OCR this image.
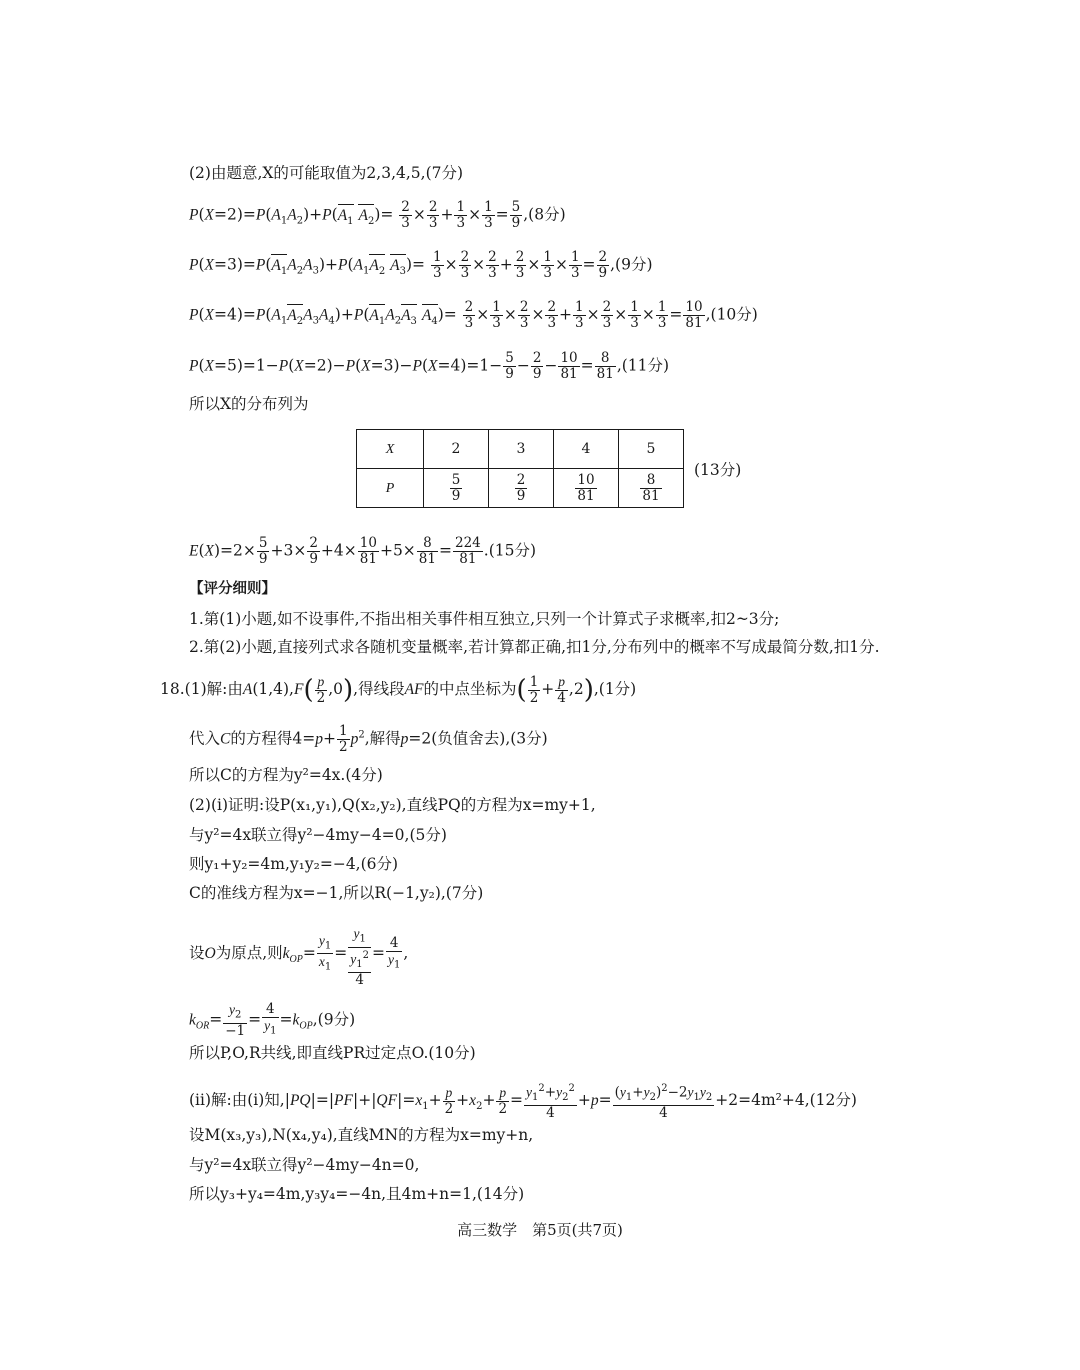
(2)由题意,X的可能取值为2,3,4,5,(7分)
$P(X=2)=P(A_1A_2)+P(A_1$ $A_2)= \frac{2}{3} \times \frac{2}{3} + \frac{1}{3} \times \frac{1}{3} = \frac{5}{9} ,(8$分)
$P(X=3)=P(A_1A_2A_3)+P(A_1A_2$ $A_3)= \frac{1}{3} \times \frac{2}{3} \times \frac{2}{3} + \frac{2}{3} \times \frac{1}{3} \times \frac{1}{3} = \frac{2}{9} ,(9$分)
$P(X=4)=P(A_1A_2A_3A_4)+P(A_1A_2A_3$ $A_4)= \frac{2}{3} \times \frac{1}{3} \times \frac{2}{3} \times \frac{2}{3} + \frac{1}{3} \times \frac{2}{3} \times \frac{1}{3} \times \frac{1}{3} = \frac{10}{81} ,(10$分)
$P(X=5)=1-P(X=2)-P(X=3)-P(X=4)=1- \frac{5}{9} - \frac{2}{9} - \frac{10}{81} = \frac{8}{81} ,(11$分)
所以X的分布列为
X	2	3	4	5
P	$\frac{5}{9}$	$\frac{2}{9}$	$\frac{10}{81}$	$\frac{8}{81}$
(13分)
$E(X)=2\times \frac{5}{9} +3\times \frac{2}{9} +4\times \frac{10}{81} +5\times \frac{8}{81} = \frac{224}{81} .(15$分)
【评分细则】
1.第(1)小题,如不设事件,不指出相关事件相互独立,只列一个计算式子求概率,扣2~3分;
2.第(2)小题,直接列式求各随机变量概率,若计算都正确,扣1分,分布列中的概率不写成最简分数,扣1分.
18.(1)解:由$A(1,4),F( \frac{p}{2} ,0)$,得线段AF的中点坐标为( $\frac{1}{2} + \frac{p}{4} ,2),(1$分)
代入C的方程得$4=p+ \frac{1}{2} p^2$,解得p=2(负值舍去),(3分)
所以C的方程为y²=4x.(4分)
(2)(i)证明:设P(x₁,y₁),Q(x₂,y₂),直线PQ的方程为x=my+1,
与y²=4x联立得y²−4my−4=0,(5分)
则y₁+y₂=4m,y₁y₂=−4,(6分)
C的准线方程为x=−1,所以R(−1,y₂),(7分)
设O为原点,则$k_{OP}= \frac{y_1}{x_1}$ =
$y_1$
$y_1^2$
4
= $\frac{4}{y_1}$ ,
$k_{OR}= \frac{y_2}{-1} = \frac{4}{y_1} =k_{OP},(9$分)
所以P,O,R共线,即直线PR过定点O.(10分)
(ⅱ)解:由(ⅰ)知$,|PQ|=|PF|+|QF|=x_1+ \frac{p}{2} +x_2+ \frac{p}{2} = \frac{y_1^2+y_2^2}{4} +p= \frac{(y_1+y_2)^2-2y_1y_2}{4} +2=4m^2+4,(12$分)
设M(x₃,y₃),N(x₄,y₄),直线MN的方程为x=my+n,
与y²=4x联立得y²−4my−4n=0,
所以y₃+y₄=4m,y₃y₄=−4n,且4m+n=1,(14分)
高三数学　第5页(共7页)
